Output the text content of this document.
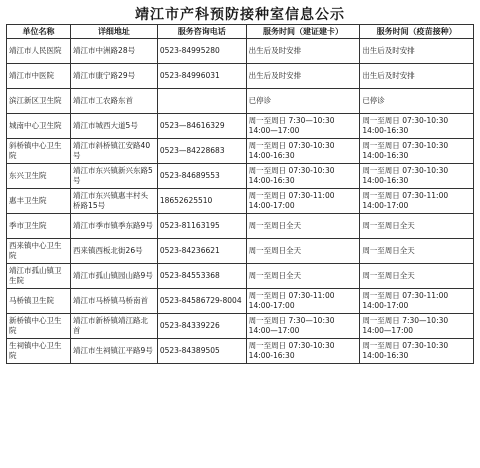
靖江市产科预防接种室信息公示
单位名称	详细地址	服务咨询电话	服务时间（建证建卡）	服务时间（疫苗接种）
靖江市人民医院	靖江市中洲路28号	0523-84995280	出生后及时安排	出生后及时安排
靖江市中医院	靖江市康宁路29号	0523-84996031	出生后及时安排	出生后及时安排
滨江新区卫生院	靖江市工农路东首		已停诊	已停诊
城南中心卫生院	靖江市城西大道5号	0523—84616329	周一至周日 7:30—10:30 14:00—17:00	周一至周日 07:30-10:30 14:00-16:30
斜桥镇中心卫生院	靖江市斜桥镇江安路40号	0523—84228683	周一至周日 07:30-10:30 14:00-16:30	周一至周日 07:30-10:30 14:00-16:30
东兴卫生院	靖江市东兴镇新兴东路5号	0523-84689553	周一至周日 07:30-10:30 14:00-16:30	周一至周日 07:30-10:30 14:00-16:30
惠丰卫生院	靖江市东兴镇惠丰村头桥路15号	18652625510	周一至周日 07:30-11:00 14:00-17:00	周一至周日 07:30-11:00 14:00-17:00
季市卫生院	靖江市季市镇季东路9号	0523-81163195	周一至周日全天	周一至周日全天
西来镇中心卫生院	西来镇西板北街26号	0523-84236621	周一至周日全天	周一至周日全天
靖江市孤山镇卫生院	靖江市孤山镇园山路9号	0523-84553368	周一至周日全天	周一至周日全天
马桥镇卫生院	靖江市马桥镇马桥南首	0523-84586729-8004	周一至周日 07:30-11:00 14:00-17:00	周一至周日 07:30-11:00 14:00-17:00
新桥镇中心卫生院	靖江市新桥镇靖江路北首	0523-84339226	周一至周日 7:30—10:30 14:00—17:00	周一至周日 7:30—10:30 14:00—17:00
生祠镇中心卫生院	靖江市生祠镇江平路9号	0523-84389505	周一至周日 07:30-10:30 14:00-16:30	周一至周日 07:30-10:30 14:00-16:30
